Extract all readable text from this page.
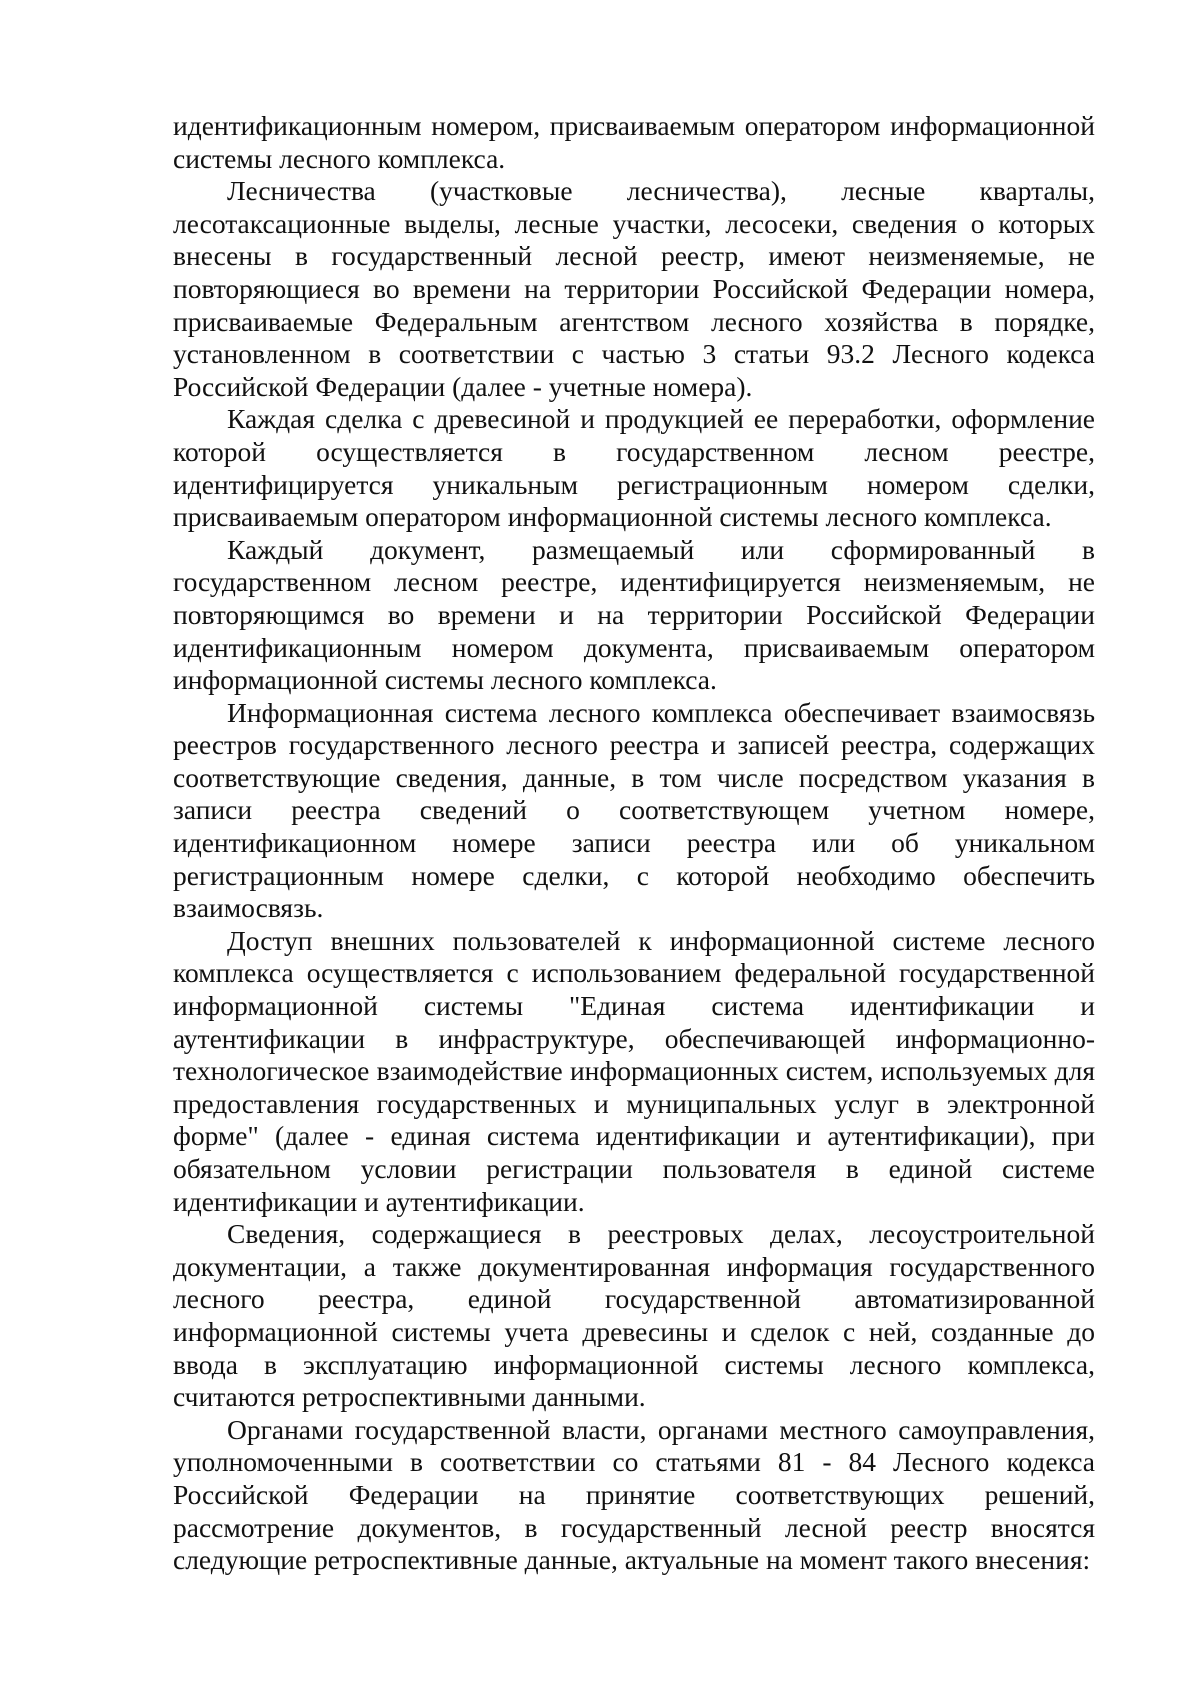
идентификационным номером, присваиваемым оператором информационной системы лесного комплекса.

Лесничества (участковые лесничества), лесные кварталы, лесотаксационные выделы, лесные участки, лесосеки, сведения о которых внесены в государственный лесной реестр, имеют неизменяемые, не повторяющиеся во времени на территории Российской Федерации номера, присваиваемые Федеральным агентством лесного хозяйства в порядке, установленном в соответствии с частью 3 статьи 93.2 Лесного кодекса Российской Федерации (далее - учетные номера).

Каждая сделка с древесиной и продукцией ее переработки, оформление которой осуществляется в государственном лесном реестре, идентифицируется уникальным регистрационным номером сделки, присваиваемым оператором информационной системы лесного комплекса.

Каждый документ, размещаемый или сформированный в государственном лесном реестре, идентифицируется неизменяемым, не повторяющимся во времени и на территории Российской Федерации идентификационным номером документа, присваиваемым оператором информационной системы лесного комплекса.

Информационная система лесного комплекса обеспечивает взаимосвязь реестров государственного лесного реестра и записей реестра, содержащих соответствующие сведения, данные, в том числе посредством указания в записи реестра сведений о соответствующем учетном номере, идентификационном номере записи реестра или об уникальном регистрационным номере сделки, с которой необходимо обеспечить взаимосвязь.

Доступ внешних пользователей к информационной системе лесного комплекса осуществляется с использованием федеральной государственной информационной системы "Единая система идентификации и аутентификации в инфраструктуре, обеспечивающей информационно-технологическое взаимодействие информационных систем, используемых для предоставления государственных и муниципальных услуг в электронной форме" (далее - единая система идентификации и аутентификации), при обязательном условии регистрации пользователя в единой системе идентификации и аутентификации.

Сведения, содержащиеся в реестровых делах, лесоустроительной документации, а также документированная информация государственного лесного реестра, единой государственной автоматизированной информационной системы учета древесины и сделок с ней, созданные до ввода в эксплуатацию информационной системы лесного комплекса, считаются ретроспективными данными.

Органами государственной власти, органами местного самоуправления, уполномоченными в соответствии со статьями 81 - 84 Лесного кодекса Российской Федерации на принятие соответствующих решений, рассмотрение документов, в государственный лесной реестр вносятся следующие ретроспективные данные, актуальные на момент такого внесения:
